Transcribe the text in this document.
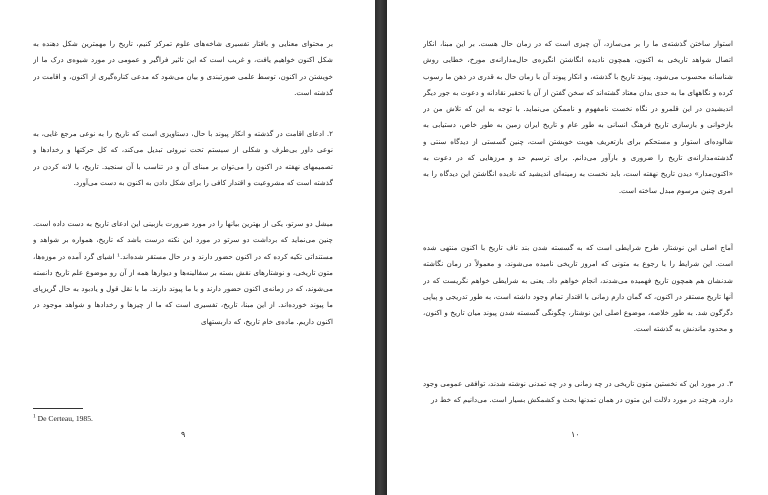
بر محتوای معنایی و بافتار تفسیری شاخه‌های علوم تمرکز کنیم، تاریخ را مهمترین شکل دهنده به شکل اکنون خواهیم یافت، و غریب است که این تاثیر فراگیر و عمومی در مورد شیوه‌ی درک ما از خویشتن در اکنون، توسط علمی صورتبندی و بیان می‌شود که مدعی کناره‌گیری از اکنون، و اقامت در گذشته است.

۲. ادعای اقامت در گذشته و انکار پیوند با حال، دستاویزی است که تاریخ را به نوعی مرجع غایی، به نوعی داور بی‌طرف و شکلی از سیستم تحت نیرو‌ئی تبدیل می‌کند، که کل حرکتها و رخدادها و تصمیمهای نهفته در اکنون را می‌توان بر مبنای آن و در تناسب با آن سنجید. تاریخ، با لانه کردن در گذشته است که مشروعیت و اقتدار کافی را برای شکل دادن به اکنون به دست می‌آورد.

میشل دو سرتو، یکی از بهترین بیانها را در مورد ضرورت بازبینی این ادعای تاریخ به دست داده است. چنین می‌نماید که برداشت دو سرتو در مورد این نکته درست باشد که تاریخ، همواره بر شواهد و مستنداتی تکیه کرده که در اکنون حضور دارند و در حال مستقر شده‌اند.¹ اشیای گرد آمده در موزه‌ها، متون تاریخی، و نوشتارهای نقش بسته بر سفالینه‌ها و دیوارها همه از آن رو موضوع علم تاریخ دانسته می‌شوند، که در زمانه‌ی اکنون حضور دارند و با ما پیوند دارند. ما با نقل قول و یادبود به حال گریزپای ما پیوند خورده‌اند. از این مبنا، تاریخ، تفسیری است که ما از چیزها و رخدادها و شواهد موجود در اکنون داریم. ماده‌ی خام تاریخ، که داربستهای

$^1$ De Certeau, 1985.
۹

استوار ساختن گذشته‌ی ما را بر می‌سازد، آن چیزی است که در زمان حال هست. بر این مبنا، انکار اتصال شواهد تاریخی به اکنون، همچون نادیده انگاشتن انگیزه‌ی حال‌مدارانه‌ی مورخ، خطایی روش شناسانه محسوب می‌شود. پیوند تاریخ با گذشته، و انکار پیوند آن با زمان حال به قدری در ذهن ما رسوب کرده و نگاهها‌ی ما به حدی بدان معتاد گشته‌اند که سخن گفتن از آن با تحقیر نقادانه و دعوت به جور دیگر اندیشیدن در این قلمرو در نگاه نخست نامفهوم و ناممکن می‌نماید. با توجه به این که تلاش من در بازخوانی و بازسازی تاریخ فرهنگ انسانی به طور عام و تاریخ ایران زمین به طور خاص، دستیابی به شالوده‌ای استوار و مستحکم برای بازتعریف هویت خویشتن است، چنین گسستی از دیدگاه سنتی و گذشته‌مدارانه‌ی تاریخ را ضروری و بارآور می‌دانم. برای ترسیم حد و مرزهایی که در دعوت به «اکنون‌مدار» دیدن تاریخ نهفته است، باید نخست به زمینه‌ای اندیشید که نادیده انگاشتن این دیدگاه را به امری چنین مرسوم مبدل ساخته است.

آماج اصلی این نوشتار، طرح شرایطی است که به گسسته شدن بند ناف تاریخ با اکنون منتهی شده است. این شرایط را با رجوع به متونی که امروز تاریخی نامیده می‌شوند، و معمولاً در زمان نگاشته شدنشان هم همچون تاریخ فهمیده می‌شدند، انجام خواهم داد. یعنی به شرایطی خواهم نگریست که در آنها تاریخ مستقر در اکنون، که گمان دارم زمانی با اقتدار تمام وجود داشته است، به طور تدریجی و پیاپی دگرگون شد. به طور خلاصه، موضوع اصلی این نوشتار، چگونگی گسسته شدن پیوند میان تاریخ و اکنون، و محدود ماندنش به گذشته است.

۳. در مورد این که نخستین متون تاریخی در چه زمانی و در چه تمدنی نوشته شدند، توافقی عمومی وجود دارد، هرچند در مورد دلالت این متون در همان تمدنها بحث و کشمکش بسیار است. می‌دانیم که خط در

۱۰
